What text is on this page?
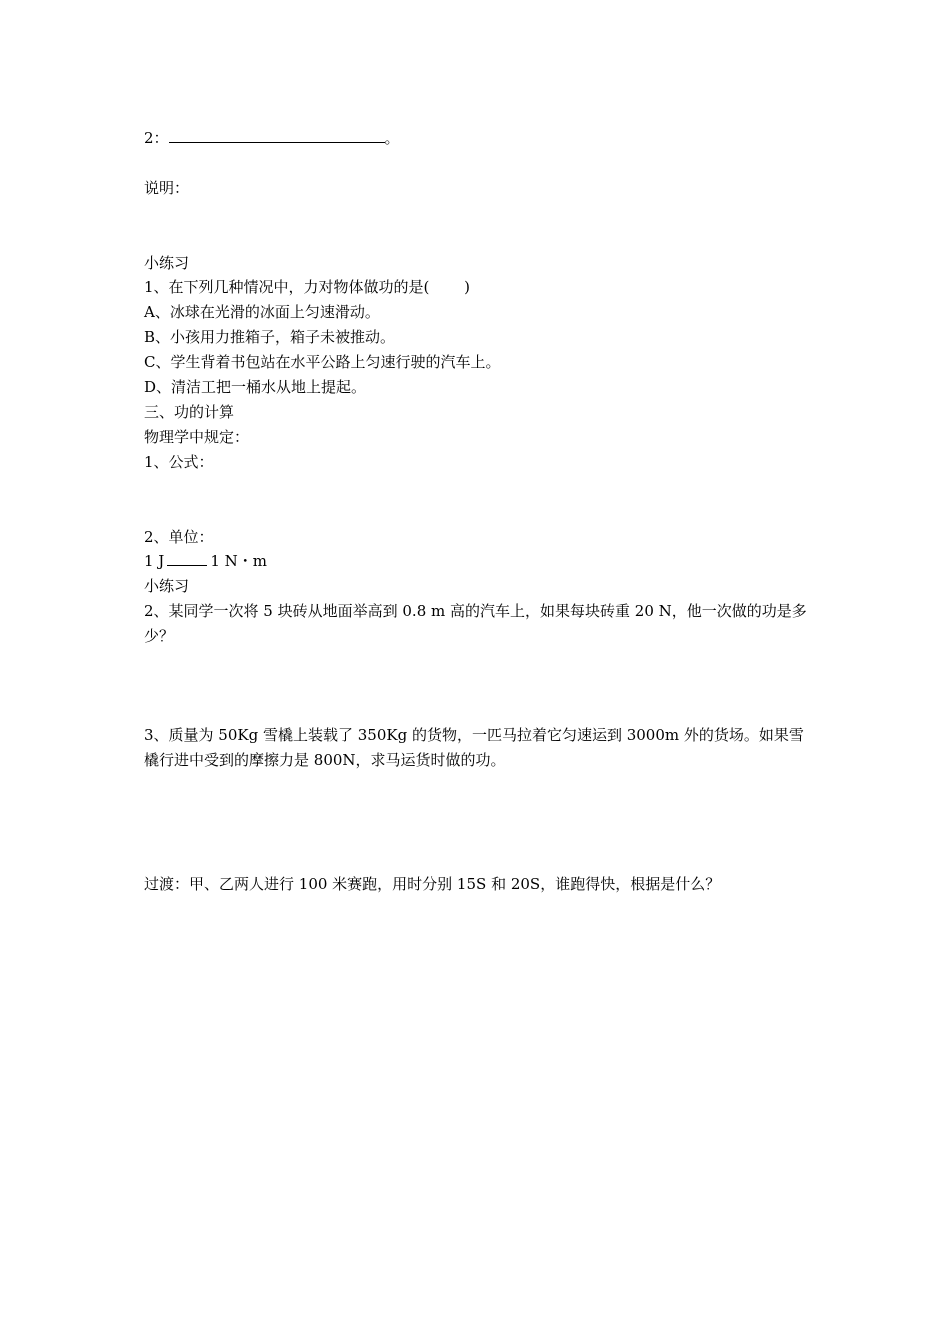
2：	。
说明：
小练习
1、在下列几种情况中，力对物体做功的是(　　 )
A、冰球在光滑的冰面上匀速滑动。
B、小孩用力推箱子，箱子未被推动。
C、学生背着书包站在水平公路上匀速行驶的汽车上。
D、清洁工把一桶水从地上提起。
三、功的计算
物理学中规定：
1、公式：
2、单位：
1 J	1 N・m
小练习
2、某同学一次将 5 块砖从地面举高到 0.8 m 高的汽车上，如果每块砖重 20 N，他一次做的功是多少？
3、质量为 50Kg 雪橇上装载了 350Kg 的货物，一匹马拉着它匀速运到 3000m 外的货场。如果雪橇行进中受到的摩擦力是 800N，求马运货时做的功。
过渡：甲、乙两人进行 100 米赛跑，用时分别 15S 和 20S，谁跑得快，根据是什么？
